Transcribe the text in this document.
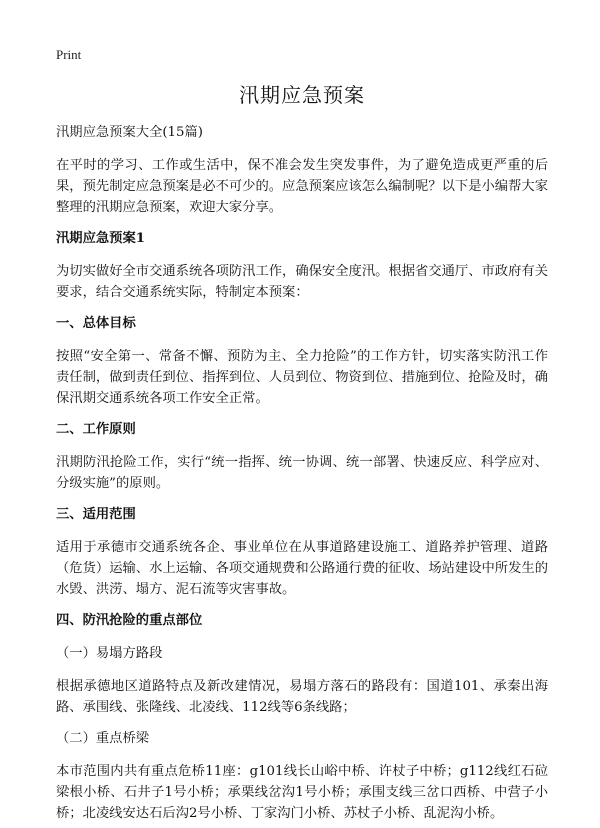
Print
汛期应急预案

汛期应急预案大全(15篇)

在平时的学习、工作或生活中，保不准会发生突发事件，为了避免造成更严重的后果，预先制定应急预案是必不可少的。应急预案应该怎么编制呢？以下是小编帮大家整理的汛期应急预案，欢迎大家分享。

汛期应急预案1

为切实做好全市交通系统各项防汛工作，确保安全度汛。根据省交通厅、市政府有关要求，结合交通系统实际，特制定本预案：

一、总体目标

按照“安全第一、常备不懈、预防为主、全力抢险”的工作方针，切实落实防汛工作责任制，做到责任到位、指挥到位、人员到位、物资到位、措施到位、抢险及时，确保汛期交通系统各项工作安全正常。

二、工作原则

汛期防汛抢险工作，实行“统一指挥、统一协调、统一部署、快速反应、科学应对、分级实施”的原则。

三、适用范围

适用于承德市交通系统各企、事业单位在从事道路建设施工、道路养护管理、道路（危货）运输、水上运输、各项交通规费和公路通行费的征收、场站建设中所发生的水毁、洪涝、塌方、泥石流等灾害事故。

四、防汛抢险的重点部位
（一）易塌方路段

根据承德地区道路特点及新改建情况，易塌方落石的路段有：国道101、承秦出海路、承围线、张隆线、北凌线、112线等6条线路；

（二）重点桥梁

本市范围内共有重点危桥11座：g101线长山峪中桥、许杖子中桥；g112线红石砬梁根小桥、石井子1号小桥；承栗线岔沟1号小桥；承围支线三岔口西桥、中营子小桥；北凌线安达石后沟2号小桥、丁家沟门小桥、苏杖子小桥、乱泥沟小桥。
